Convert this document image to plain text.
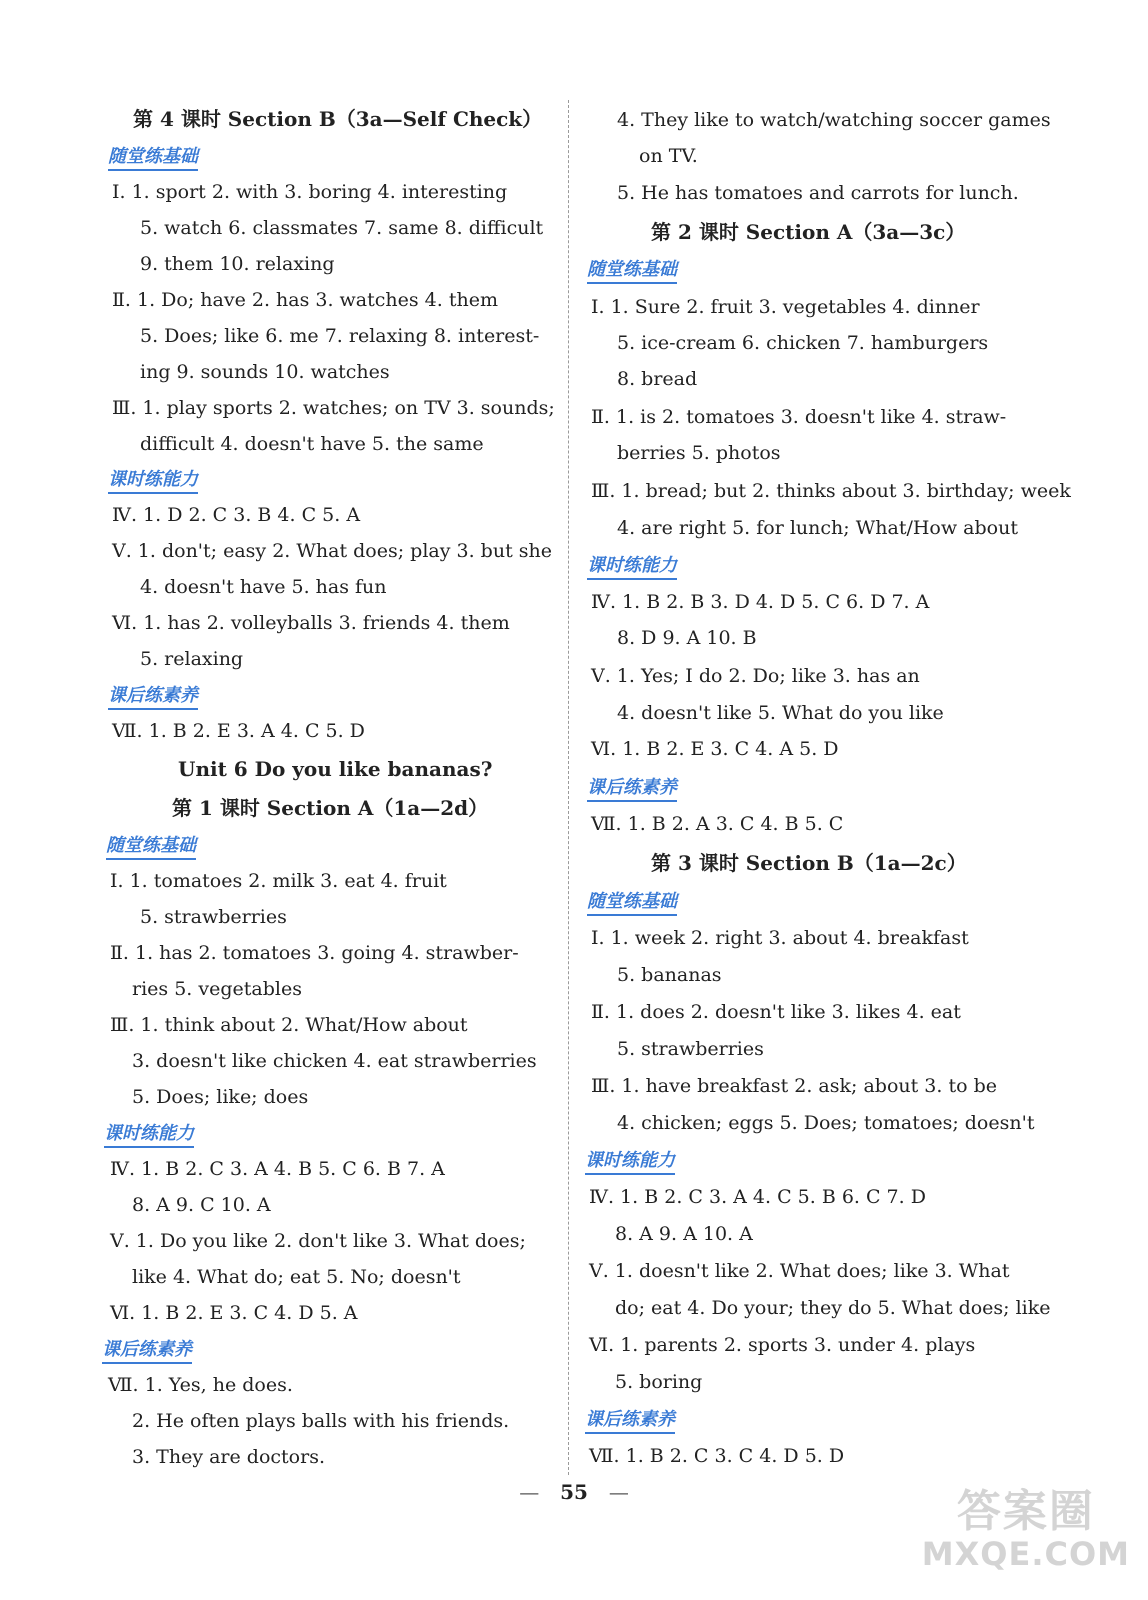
第 4 课时 Section B（3a—Self Check）
随堂练基础
Ⅰ. 1. sport 2. with 3. boring 4. interesting
5. watch 6. classmates 7. same 8. difficult
9. them 10. relaxing
Ⅱ. 1. Do; have 2. has 3. watches 4. them
5. Does; like 6. me 7. relaxing 8. interest-
ing 9. sounds 10. watches
Ⅲ. 1. play sports 2. watches; on TV 3. sounds;
difficult 4. doesn't have 5. the same
课时练能力
Ⅳ. 1. D 2. C 3. B 4. C 5. A
Ⅴ. 1. don't; easy 2. What does; play 3. but she
4. doesn't have 5. has fun
Ⅵ. 1. has 2. volleyballs 3. friends 4. them
5. relaxing
课后练素养
Ⅶ. 1. B 2. E 3. A 4. C 5. D
Unit 6 Do you like bananas?
第 1 课时 Section A（1a—2d）
随堂练基础
Ⅰ. 1. tomatoes 2. milk 3. eat 4. fruit
5. strawberries
Ⅱ. 1. has 2. tomatoes 3. going 4. strawber-
ries 5. vegetables
Ⅲ. 1. think about 2. What/How about
3. doesn't like chicken 4. eat strawberries
5. Does; like; does
课时练能力
Ⅳ. 1. B 2. C 3. A 4. B 5. C 6. B 7. A
8. A 9. C 10. A
Ⅴ. 1. Do you like 2. don't like 3. What does;
like 4. What do; eat 5. No; doesn't
Ⅵ. 1. B 2. E 3. C 4. D 5. A
课后练素养
Ⅶ. 1. Yes, he does.
2. He often plays balls with his friends.
3. They are doctors.
4. They like to watch/watching soccer games
on TV.
5. He has tomatoes and carrots for lunch.
第 2 课时 Section A（3a—3c）
随堂练基础
Ⅰ. 1. Sure 2. fruit 3. vegetables 4. dinner
5. ice-cream 6. chicken 7. hamburgers
8. bread
Ⅱ. 1. is 2. tomatoes 3. doesn't like 4. straw-
berries 5. photos
Ⅲ. 1. bread; but 2. thinks about 3. birthday; week
4. are right 5. for lunch; What/How about
课时练能力
Ⅳ. 1. B 2. B 3. D 4. D 5. C 6. D 7. A
8. D 9. A 10. B
Ⅴ. 1. Yes; I do 2. Do; like 3. has an
4. doesn't like 5. What do you like
Ⅵ. 1. B 2. E 3. C 4. A 5. D
课后练素养
Ⅶ. 1. B 2. A 3. C 4. B 5. C
第 3 课时 Section B（1a—2c）
随堂练基础
Ⅰ. 1. week 2. right 3. about 4. breakfast
5. bananas
Ⅱ. 1. does 2. doesn't like 3. likes 4. eat
5. strawberries
Ⅲ. 1. have breakfast 2. ask; about 3. to be
4. chicken; eggs 5. Does; tomatoes; doesn't
课时练能力
Ⅳ. 1. B 2. C 3. A 4. C 5. B 6. C 7. D
8. A 9. A 10. A
Ⅴ. 1. doesn't like 2. What does; like 3. What
do; eat 4. Do your; they do 5. What does; like
Ⅵ. 1. parents 2. sports 3. under 4. plays
5. boring
课后练素养
Ⅶ. 1. B 2. C 3. C 4. D 5. D
— 55 —	答案圈
MXQE.COM
